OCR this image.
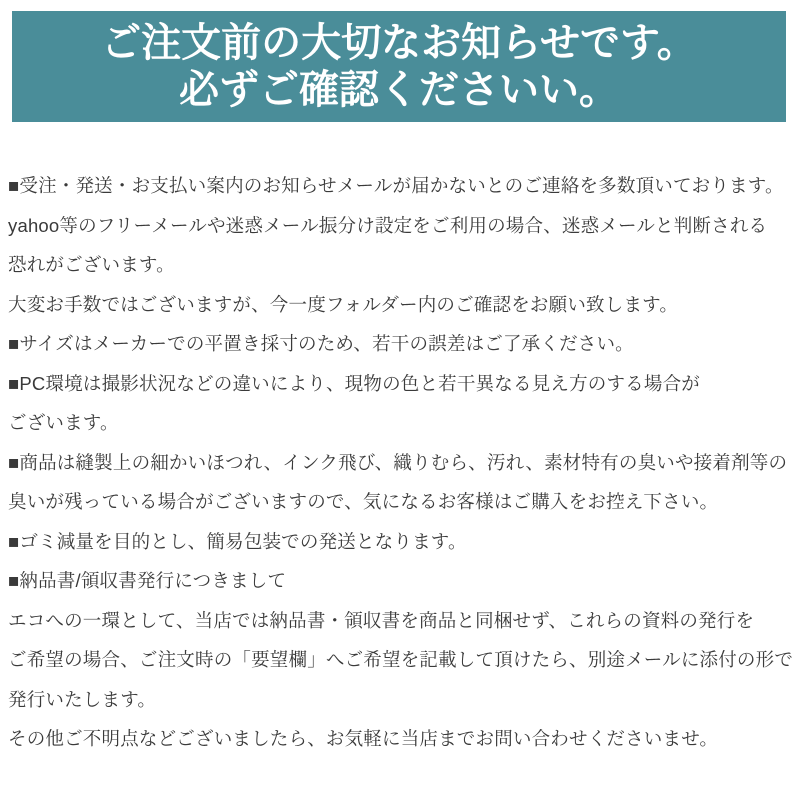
ご注文前の大切なお知らせです。
必ずご確認くださいい。
■受注・発送・お支払い案内のお知らせメールが届かないとのご連絡を多数頂いております。
yahoo等のフリーメールや迷惑メール振分け設定をご利用の場合、迷惑メールと判断される
恐れがございます。
大変お手数ではございますが、今一度フォルダー内のご確認をお願い致します。
■サイズはメーカーでの平置き採寸のため、若干の誤差はご了承ください。
■PC環境は撮影状況などの違いにより、現物の色と若干異なる見え方のする場合が
ございます。
■商品は縫製上の細かいほつれ、インク飛び、織りむら、汚れ、素材特有の臭いや接着剤等の
臭いが残っている場合がございますので、気になるお客様はご購入をお控え下さい。
■ゴミ減量を目的とし、簡易包装での発送となります。
■納品書/領収書発行につきまして
エコへの一環として、当店では納品書・領収書を商品と同梱せず、これらの資料の発行を
ご希望の場合、ご注文時の「要望欄」へご希望を記載して頂けたら、別途メールに添付の形で
発行いたします。
その他ご不明点などございましたら、お気軽に当店までお問い合わせくださいませ。
